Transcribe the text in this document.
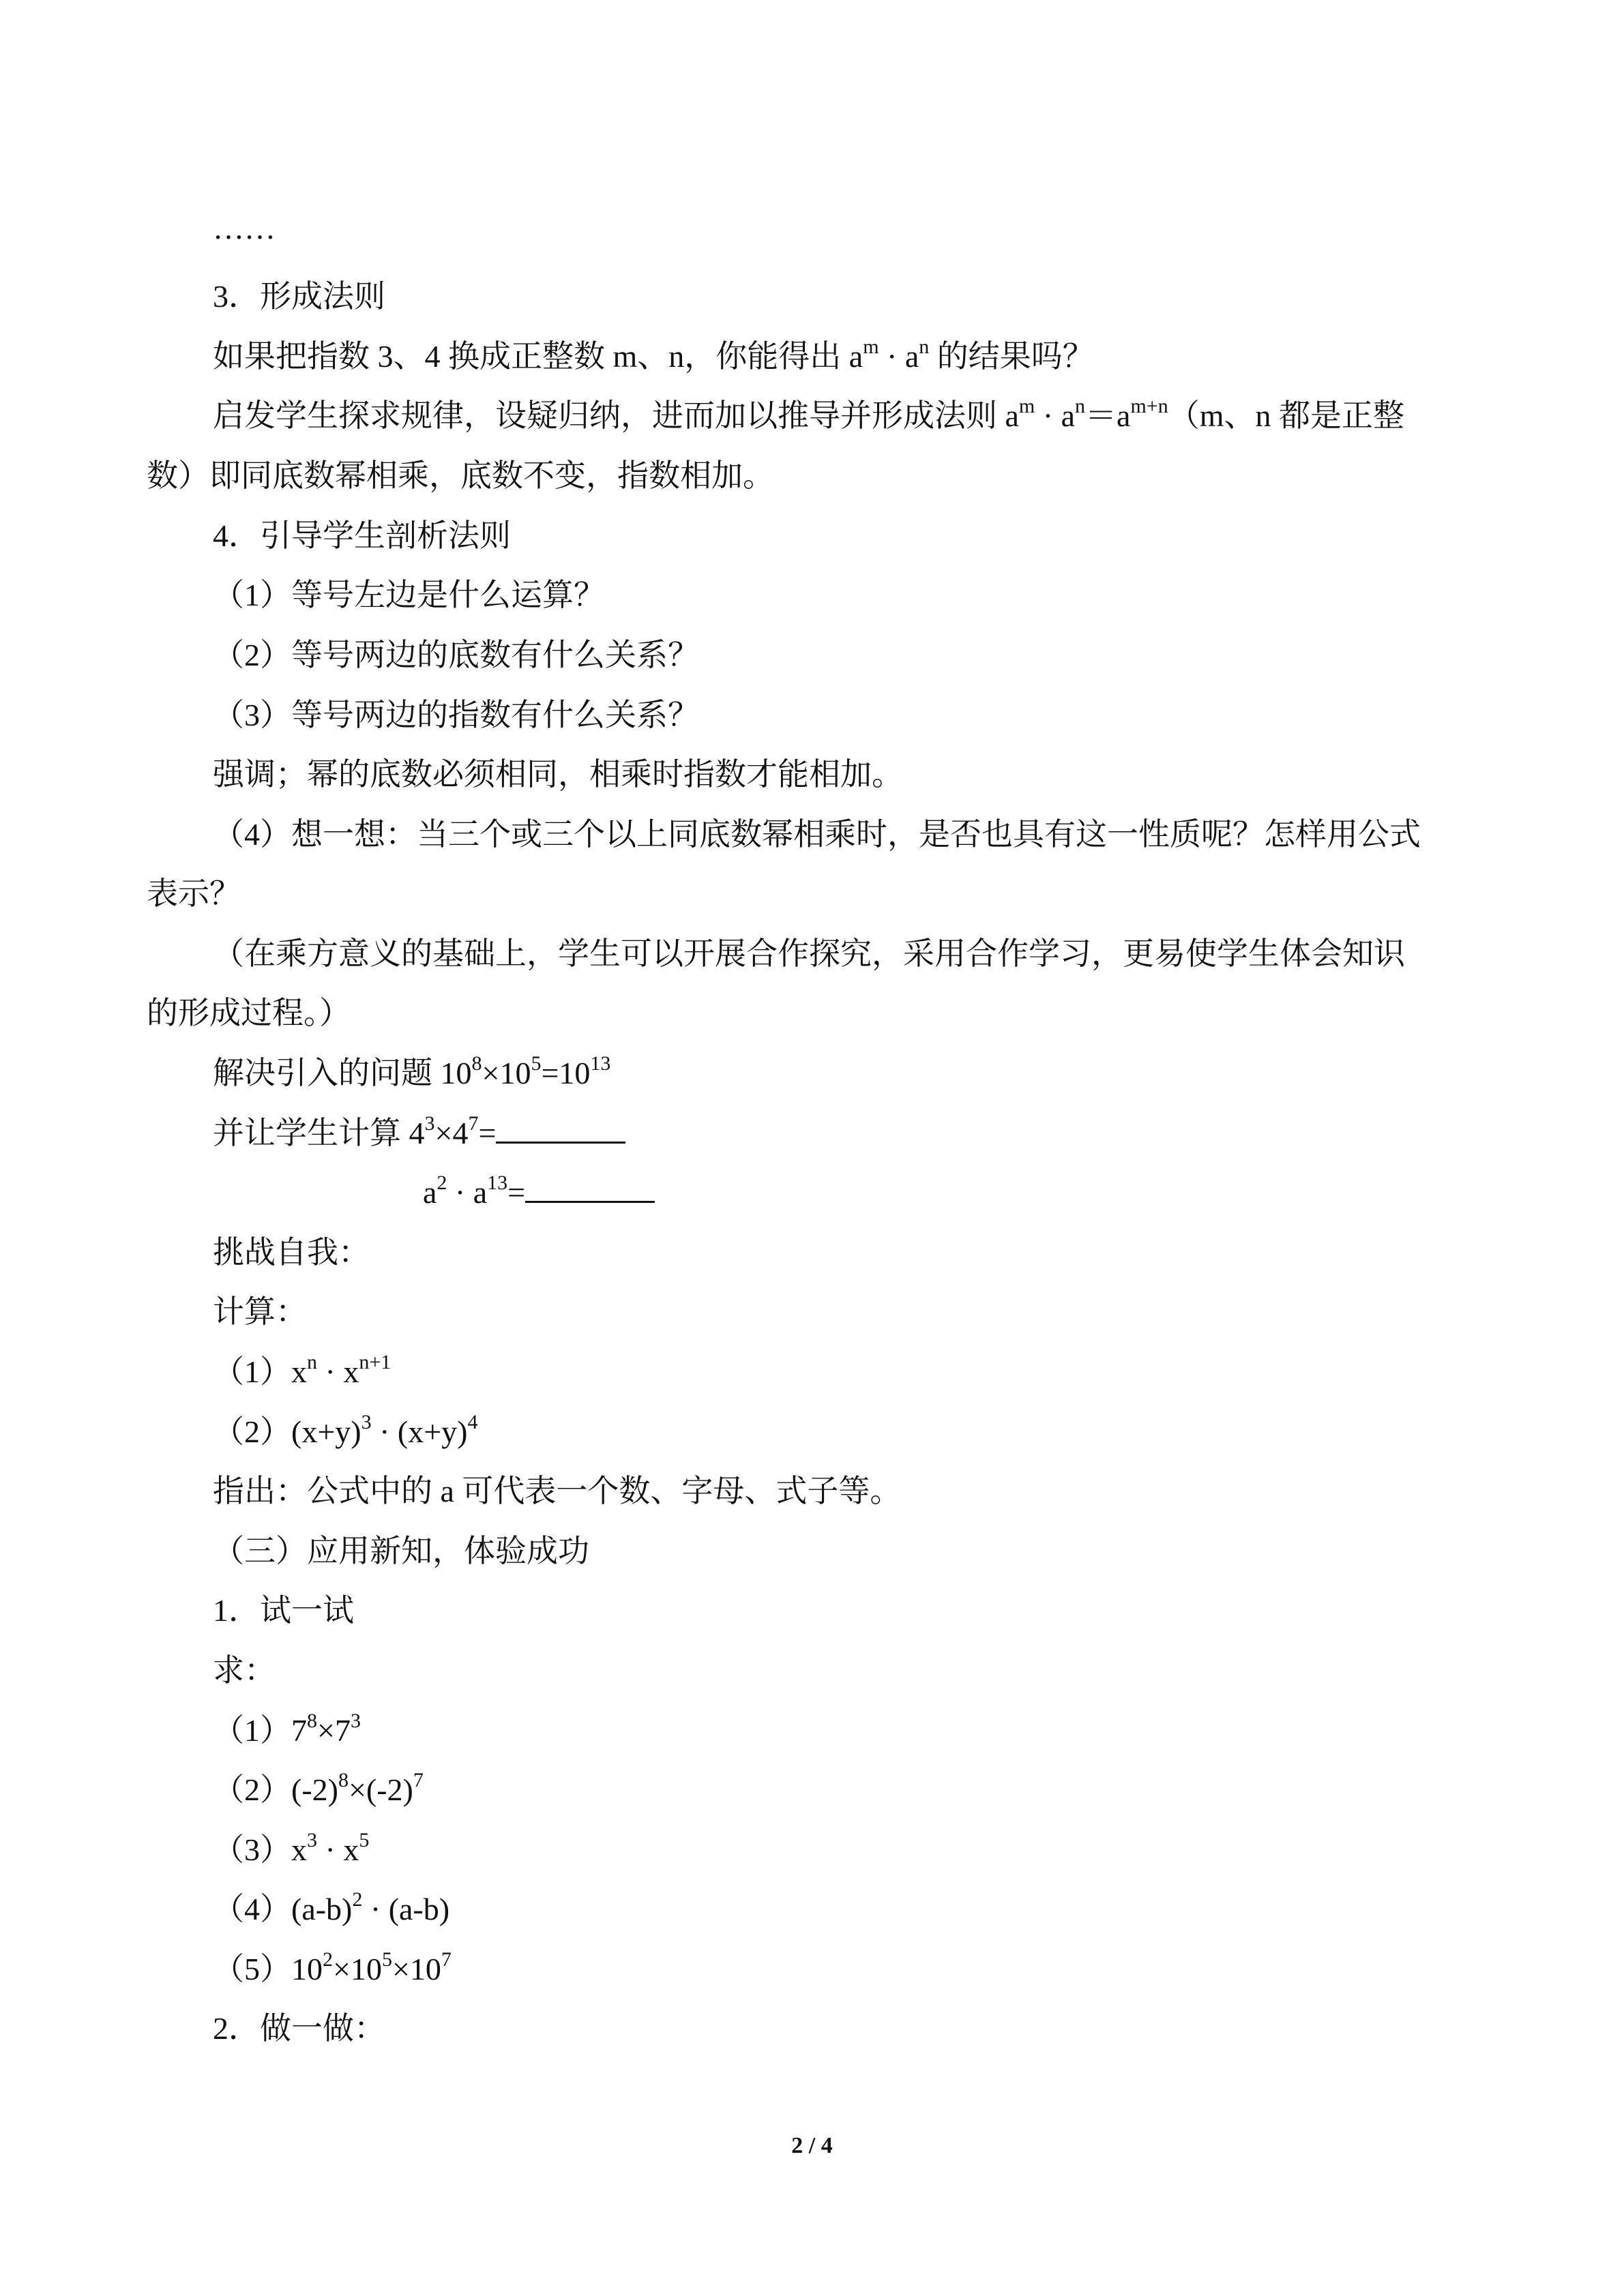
……
3．形成法则
如果把指数 3、4 换成正整数 m、n，你能得出 $a^m \cdot a^n$ 的结果吗？
启发学生探求规律，设疑归纳，进而加以推导并形成法则 $a^m \cdot a^n=a^{m+n}(m$、n 都是正整
数）即同底数幂相乘，底数不变，指数相加。
4．引导学生剖析法则
（1）等号左边是什么运算？
（2）等号两边的底数有什么关系？
（3）等号两边的指数有什么关系？
强调；幂的底数必须相同，相乘时指数才能相加。
（4）想一想：当三个或三个以上同底数幂相乘时，是否也具有这一性质呢？怎样用公式
表示？
（在乘方意义的基础上，学生可以开展合作探究，采用合作学习，更易使学生体会知识
的形成过程。）
解决引入的问题 $10^8\times 10^5=10^{13}$
并让学生计算 $4^3\times 4^7=$
$a^2 \cdot a^{13}=$
挑战自我：
计算：
$(1)x^n \cdot x^{n+1}$
$(2)(x+y)^3 \cdot (x+y)^4$
指出：公式中的 a 可代表一个数、字母、式子等。
（三）应用新知，体验成功
1．试一试
求：
$(1)7^8\times 7^3$
$(2)(-2)^8\times(-2)^7$
$(3)x^3 \cdot x^5$
$(4)(a-b)^2 \cdot (a-b)$
$(5)10^2\times 10^5\times 10^7$
2．做一做：
2 / 4
